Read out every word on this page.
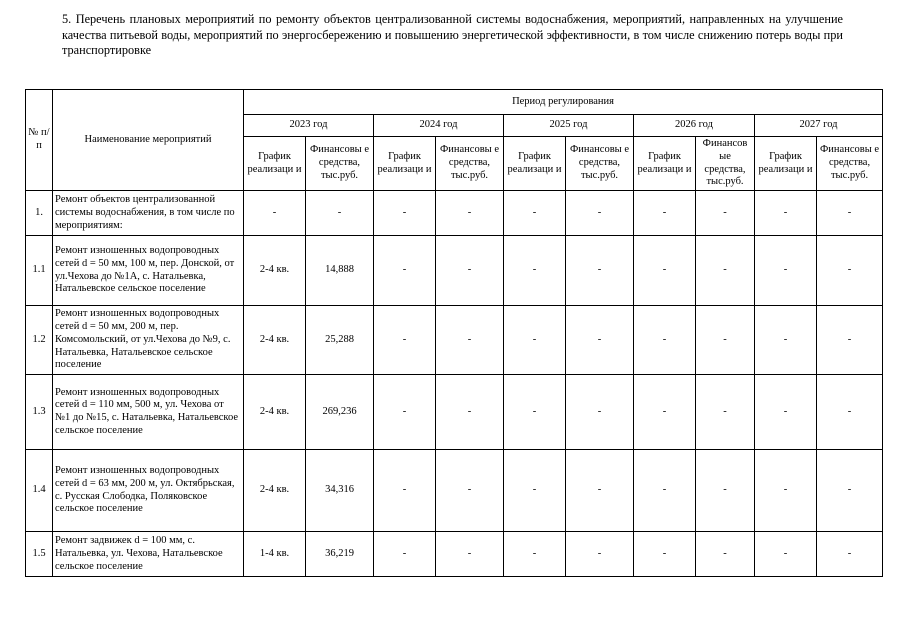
5. Перечень плановых мероприятий по ремонту объектов централизованной системы водоснабжения, мероприятий, направленных на улучшение качества питьевой воды, мероприятий по энергосбережению и повышению энергетической эффективности, в том числе снижению потерь воды при транспортировке
№ п/п	Наименование мероприятий	Период регулирования									
		2023 год		2024 год		2025 год		2026 год		2027 год	
		График реализаци и	Финансовы е средства, тыс.руб.	График реализаци и	Финансовы е средства, тыс.руб.	График реализаци и	Финансовы е средства, тыс.руб.	График реализаци и	Финансов ые средства, тыс.руб.	График реализаци и	Финансовы е средства, тыс.руб.
1.	Ремонт объектов централизованной системы водоснабжения, в том числе по мероприятиям:	-	-	-	-	-	-	-	-	-	-
1.1	Ремонт изношенных водопроводных сетей d = 50 мм, 100 м, пер. Донской, от ул.Чехова до №1А, с. Натальевка, Натальевское сельское поселение	2-4 кв.	14,888	-	-	-	-	-	-	-	-
1.2	Ремонт изношенных водопроводных сетей d = 50 мм, 200 м, пер. Комсомольский, от ул.Чехова до №9, с. Натальевка, Натальевское сельское поселение	2-4 кв.	25,288	-	-	-	-	-	-	-	-
1.3	Ремонт изношенных водопроводных сетей d = 110 мм, 500 м, ул. Чехова от №1 до №15, с. Натальевка, Натальевское сельское поселение	2-4 кв.	269,236	-	-	-	-	-	-	-	-
1.4	Ремонт изношенных водопроводных сетей d = 63 мм, 200 м, ул. Октябрьская, с. Русская Слободка, Поляковское сельское поселение	2-4 кв.	34,316	-	-	-	-	-	-	-	-
1.5	Ремонт задвижек d = 100 мм, с. Натальевка, ул. Чехова, Натальевское сельское поселение	1-4 кв.	36,219	-	-	-	-	-	-	-	-
